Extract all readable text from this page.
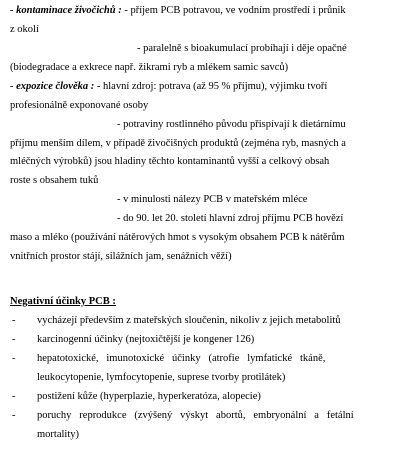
- kontaminace živočichů : - příjem PCB potravou, ve vodním prostředí i průnik
z okolí
- paralelně s bioakumulací probíhají i děje opačné
(biodegradace a exkrece např. žikrami ryb a mlékem samic savců)
- expozice člověka : - hlavní zdroj: potrava (až 95 % příjmu), výjimku tvoří
profesionálně exponované osoby
- potraviny rostlinného původu přispívají k dietárnímu
příjmu menším dílem, v případě živočišných produktů (zejména ryb, masných a
mléčných výrobků) jsou hladiny těchto kontaminantů vyšší a celkový obsah
roste s obsahem tuků
- v minulosti nálezy PCB v mateřském mléce
- do 90. let 20. století hlavní zdroj příjmu PCB hovězí
maso a mléko (používání nátěrových hmot s vysokým obsahem PCB k nátěrům
vnitřních prostor stájí, silážních jam, senážních věží)
Negativní účinky PCB :
- vycházejí především z mateřských sloučenin, nikoliv z jejich metabolitů
- karcinogenní účinky (nejtoxičtější je kongener 126)
- hepatotoxické,   imunotoxické   účinky   (atrofie   lymfatické   tkáně,
leukocytopenie, lymfocytopenie, suprese tvorby protilátek)
- postižení kůže (hyperplazie, hyperkeratóza, alopecie)
- poruchy   reprodukce   (zvýšený   výskyt   abortů,   embryonální   a   fetální
mortality)
